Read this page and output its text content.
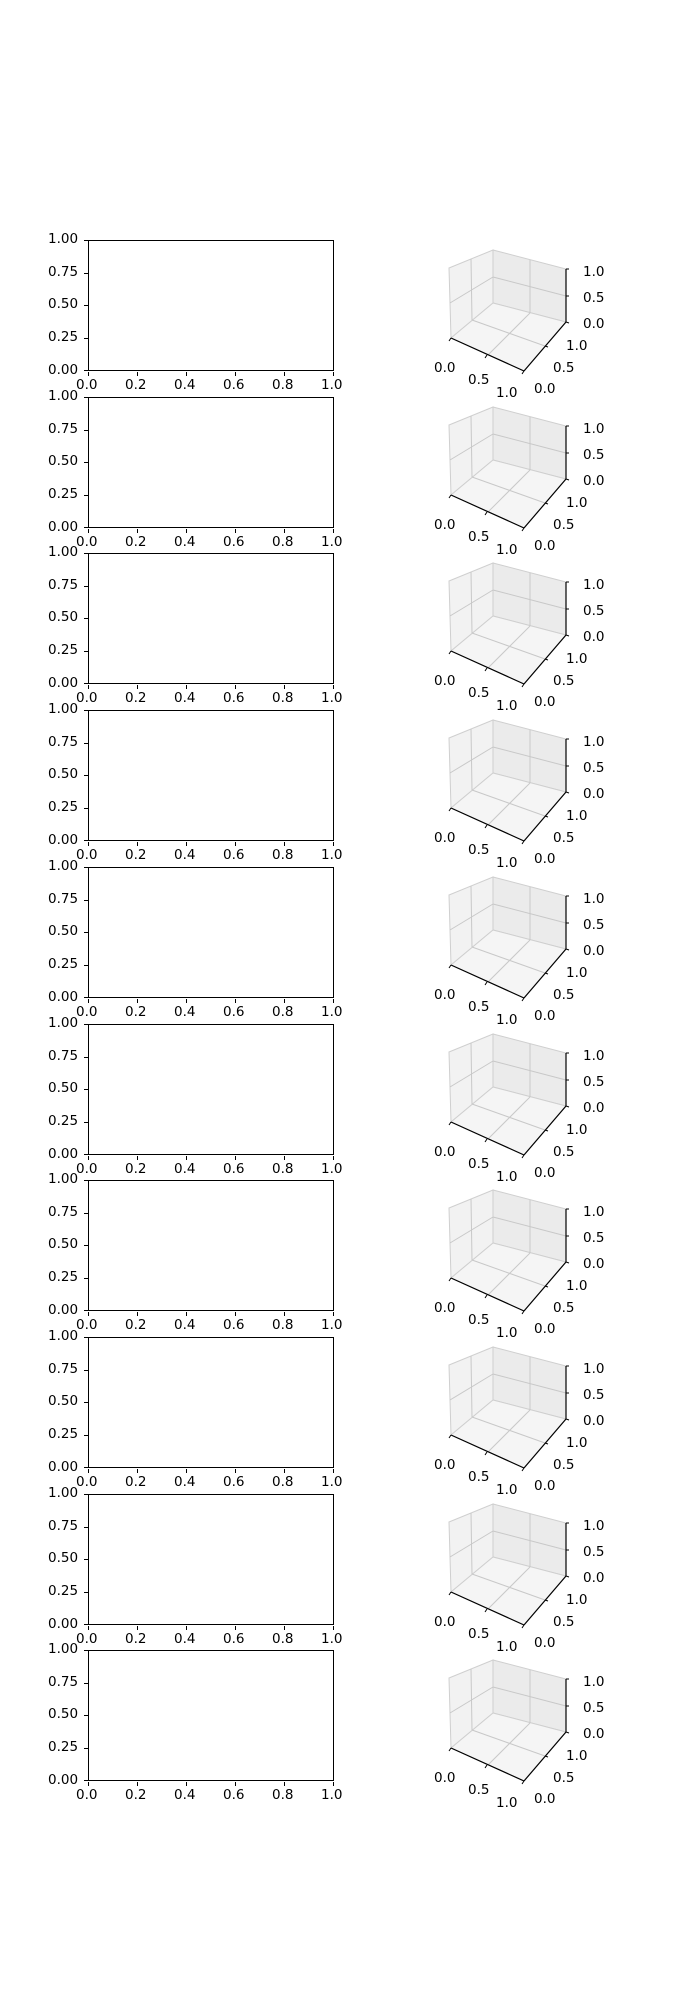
1.00
0.75
0.50
0.25
0.00
0.0 0.2 0.4 0.6 0.8 1.0
0.0
0.5
1.0 0.0
0.5
1.0
0.0
0.5
1.0
1.00
0.75
0.50
0.25
0.00
0.0 0.2 0.4 0.6 0.8 1.0
0.0
0.5
1.0 0.0
0.5
1.0
0.0
0.5
1.0
1.00
0.75
0.50
0.25
0.00
0.0 0.2 0.4 0.6 0.8 1.0
0.0
0.5
1.0 0.0
0.5
1.0
0.0
0.5
1.0
1.00
0.75
0.50
0.25
0.00
0.0 0.2 0.4 0.6 0.8 1.0
0.0
0.5
1.0 0.0
0.5
1.0
0.0
0.5
1.0
1.00
0.75
0.50
0.25
0.00
0.0 0.2 0.4 0.6 0.8 1.0
0.0
0.5
1.0 0.0
0.5
1.0
0.0
0.5
1.0
1.00
0.75
0.50
0.25
0.00
0.0 0.2 0.4 0.6 0.8 1.0
0.0
0.5
1.0 0.0
0.5
1.0
0.0
0.5
1.0
1.00
0.75
0.50
0.25
0.00
0.0 0.2 0.4 0.6 0.8 1.0
0.0
0.5
1.0 0.0
0.5
1.0
0.0
0.5
1.0
1.00
0.75
0.50
0.25
0.00
0.0 0.2 0.4 0.6 0.8 1.0
0.0
0.5
1.0 0.0
0.5
1.0
0.0
0.5
1.0
1.00
0.75
0.50
0.25
0.00
0.0 0.2 0.4 0.6 0.8 1.0
0.0
0.5
1.0 0.0
0.5
1.0
0.0
0.5
1.0
1.00
0.75
0.50
0.25
0.00
0.0 0.2 0.4 0.6 0.8 1.0
0.0
0.5
1.0 0.0
0.5
1.0
0.0
0.5
1.0
